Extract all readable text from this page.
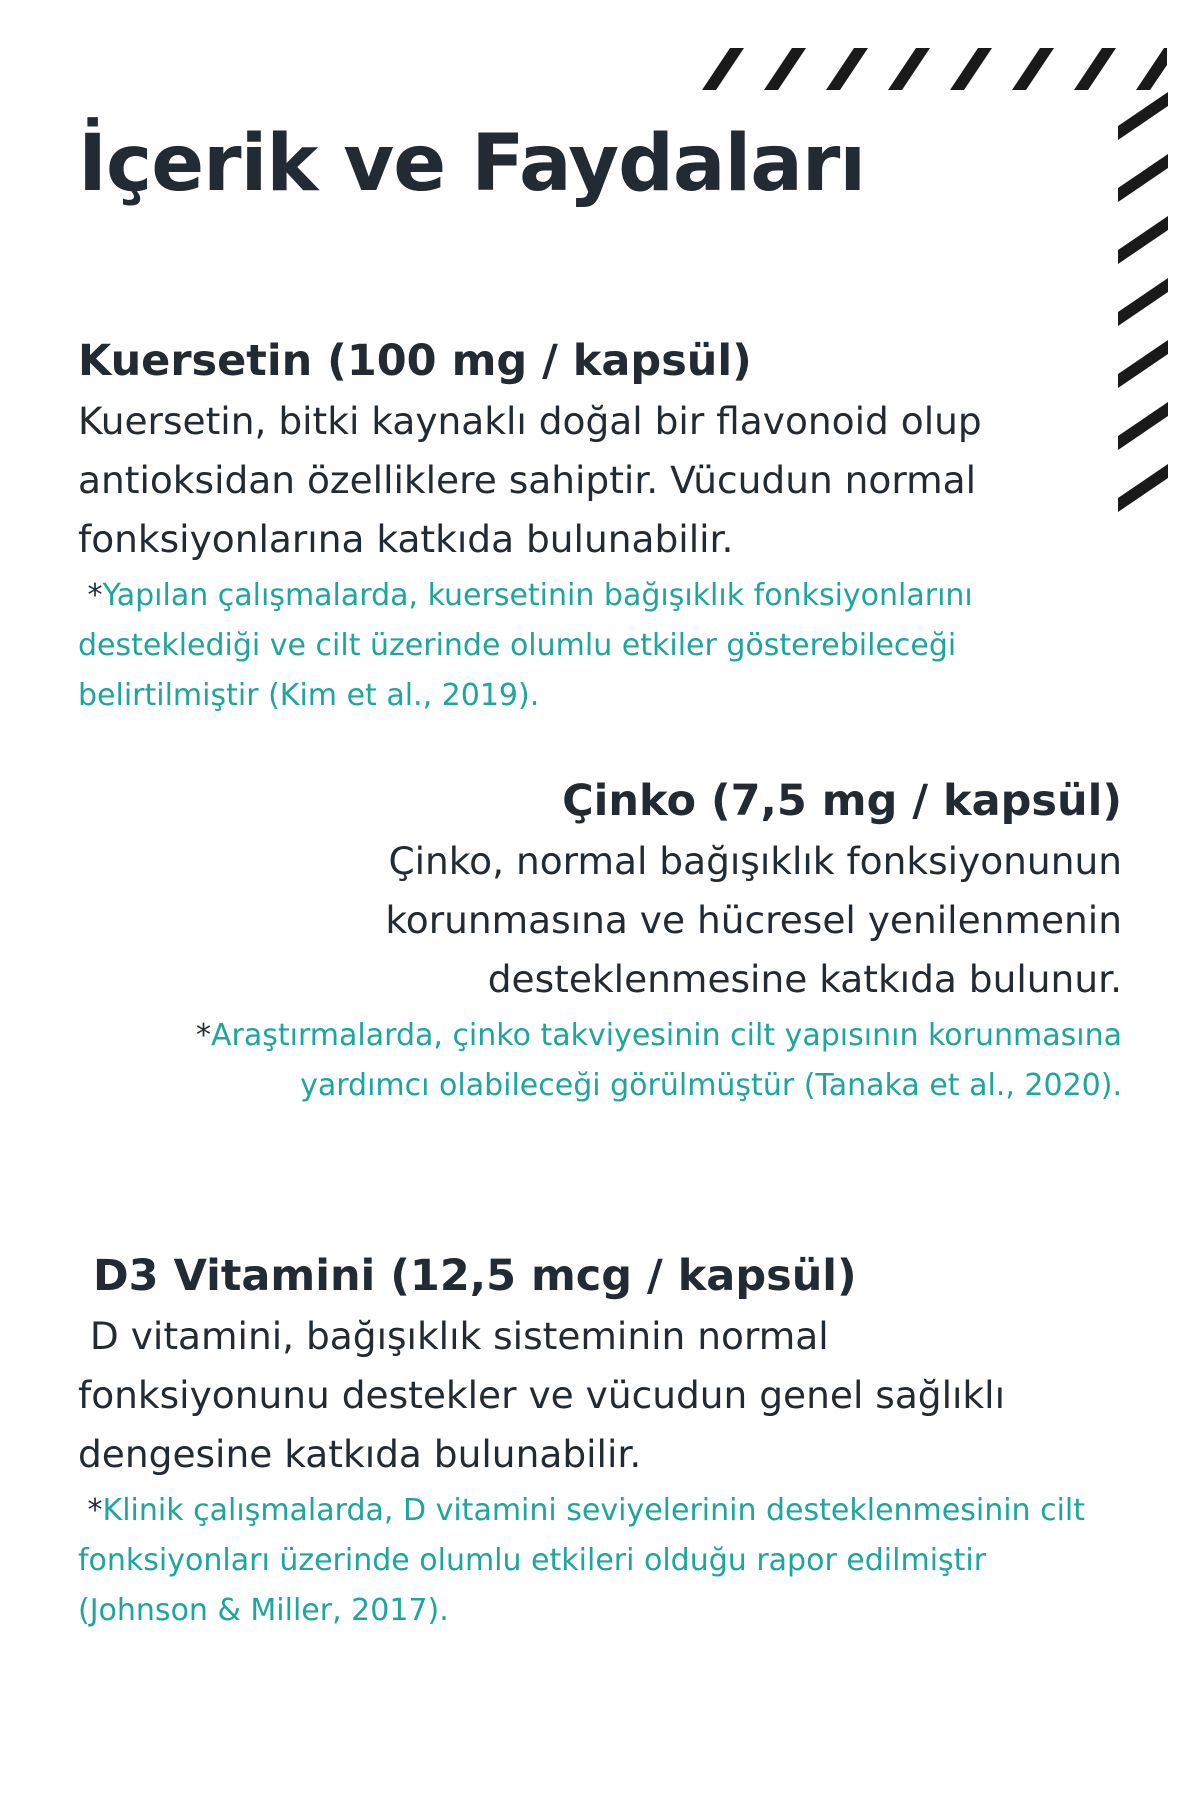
İçerik ve Faydaları
Kuersetin (100 mg / kapsül)

Kuersetin, bitki kaynaklı doğal bir flavonoid olup antioksidan özelliklere sahiptir. Vücudun normal fonksiyonlarına katkıda bulunabilir.

*Yapılan çalışmalarda, kuersetinin bağışıklık fonksiyonlarını desteklediği ve cilt üzerinde olumlu etkiler gösterebileceği belirtilmiştir (Kim et al., 2019).

Çinko (7,5 mg / kapsül)

Çinko, normal bağışıklık fonksiyonunun korunmasına ve hücresel yenilenmenin desteklenmesine katkıda bulunur.

*Araştırmalarda, çinko takviyesinin cilt yapısının korunmasına yardımcı olabileceği görülmüştür (Tanaka et al., 2020).

D3 Vitamini (12,5 mcg / kapsül)

D vitamini, bağışıklık sisteminin normal fonksiyonunu destekler ve vücudun genel sağlıklı dengesine katkıda bulunabilir.

*Klinik çalışmalarda, D vitamini seviyelerinin desteklenmesinin cilt fonksiyonları üzerinde olumlu etkileri olduğu rapor edilmiştir (Johnson & Miller, 2017).
